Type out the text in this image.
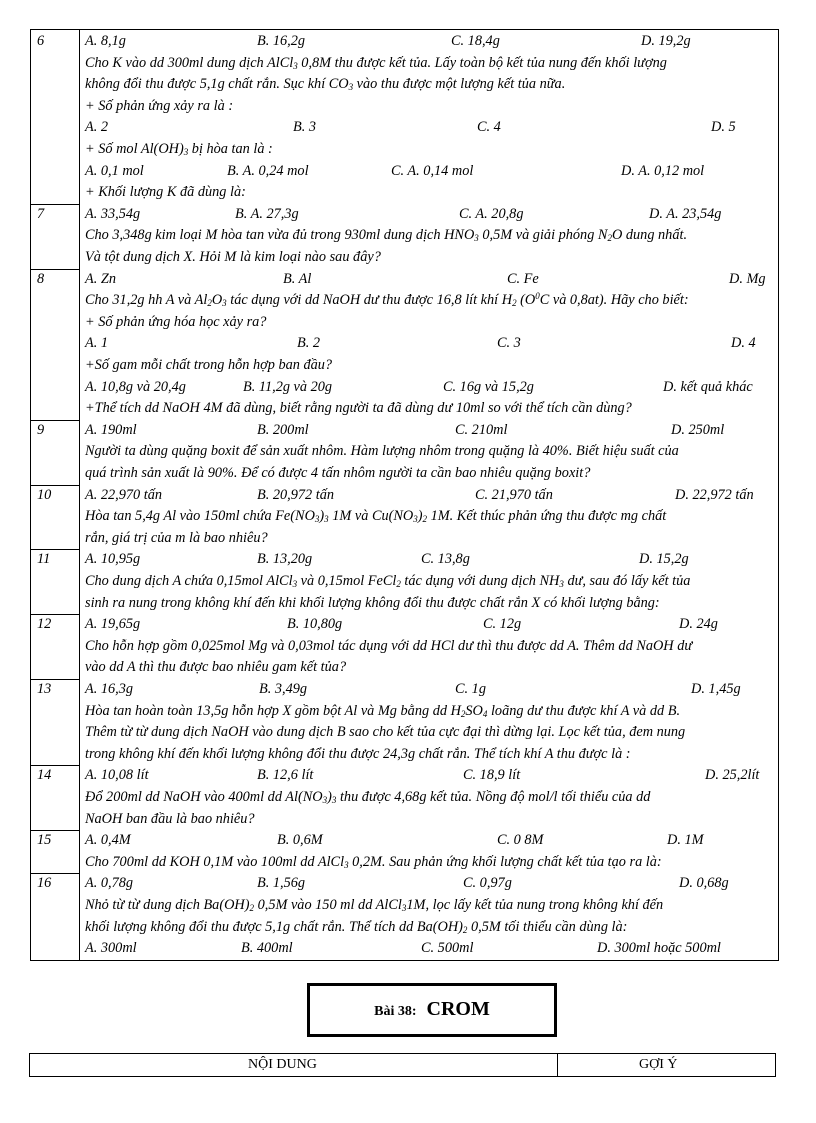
6	A. 8,1g	B. 16,2g	C. 18,4g	D. 19,2g
Cho K vào dd 300ml dung dịch AlCl$_3$ 0,8M thu được kết tủa. Lấy toàn bộ kết tủa nung đến khối lượng
không đổi thu được 5,1g chất rắn. Sục khí $CO_3$ vào thu được một lượng kết tủa nữa.
+ Số phản ứng xảy ra là :
A. 2	B. 3	C. 4	D. 5
+ Số mol $Al(OH)_3$ bị hòa tan là :
A. 0,1 mol	B. A. 0,24 mol	C. A. 0,14 mol	D. A. 0,12 mol
+ Khối lượng K đã dùng là:
7	A. 33,54g	B. A. 27,3g	C. A. 20,8g	D. A. 23,54g
Cho 3,348g kim loại M hòa tan vừa đủ trong 930ml dung dịch $HNO_3$ 0,5M và giải phóng $N_2O$ dung nhất.
Và tột dung dịch X. Hỏi M là kim loại nào sau đây?
8	A. Zn	B. Al	C. Fe	D. Mg
Cho 31,2g hh A và $Al_2O_3$ tác dụng với dd NaOH dư thu được 16,8 lít khí $H_2$ ($O^0C$ và 0,8at). Hãy cho biết:
+ Số phản ứng hóa học xảy ra?
A. 1	B. 2	C. 3	D. 4
+Số gam mỗi chất trong hỗn hợp ban đầu?
A. 10,8g và 20,4g	B. 11,2g và 20g	C. 16g và 15,2g	D. kết quả khác
+Thể tích dd NaOH 4M đã dùng, biết rằng người ta đã dùng dư 10ml so với thể tích cần dùng?
9	A. 190ml	B. 200ml	C. 210ml	D. 250ml
Người ta dùng quặng boxit để sản xuất nhôm. Hàm lượng nhôm trong quặng là 40%. Biết hiệu suất của
quá trình sản xuất là 90%. Để có được 4 tấn nhôm người ta cần bao nhiêu quặng boxit?
10 A. 22,970 tấn	B. 20,972 tấn	C. 21,970 tấn	D. 22,972 tấn
Hòa tan 5,4g Al vào 150ml chứa $Fe(NO_3)_3$ 1M và $Cu(NO_3)_2$ 1M. Kết thúc phản ứng thu được mg chất
rắn, giá trị của m là bao nhiêu?
11 A. 10,95g	B. 13,20g	C. 13,8g	D. 15,2g
Cho dung dịch A chứa 0,15mol AlCl$_3$ và 0,15mol FeCl$_2$ tác dụng với dung dịch $NH_3$ dư, sau đó lấy kết tủa
sinh ra nung trong không khí đến khi khối lượng không đổi thu được chất rắn X có khối lượng bằng:
12 A. 19,65g	B. 10,80g	C. 12g	D. 24g
Cho hỗn hợp gồm 0,025mol Mg và 0,03mol tác dụng với dd HCl dư thì thu được dd A. Thêm dd NaOH dư
vào dd A thì thu được bao nhiêu gam kết tủa?
13 A. 16,3g	B. 3,49g	C. 1g	D. 1,45g
Hòa tan hoàn toàn 13,5g hỗn hợp X gồm bột Al và Mg bằng dd $H_2SO_4$ loãng dư thu được khí A và dd B.
Thêm từ từ dung dịch NaOH vào dung dịch B sao cho kết tủa cực đại thì dừng lại. Lọc kết tủa, đem nung
trong không khí đến khối lượng không đổi thu được 24,3g chất rắn. Thể tích khí A thu được là :
14 A. 10,08 lít	B. 12,6 lít	C. 18,9 lít	D. 25,2lít
Đổ 200ml dd NaOH vào 400ml dd $Al(NO_3)_3$ thu được 4,68g kết tủa. Nồng độ mol/l tối thiểu của dd
NaOH ban đầu là bao nhiêu?
15 A. 0,4M	B. 0,6M	C. 0 8M	D. 1M
Cho 700ml dd KOH 0,1M vào 100ml dd AlCl$_3$ 0,2M. Sau phản ứng khối lượng chất kết tủa tạo ra là:
16 A. 0,78g	B. 1,56g	C. 0,97g	D. 0,68g
Nhỏ từ từ dung dịch $Ba(OH)_2$ 0,5M vào 150 ml dd AlCl$_3$1M, lọc lấy kết tủa nung trong không khí đến
khối lượng không đổi thu được 5,1g chất rắn. Thể tích dd $Ba(OH)_2$ 0,5M tối thiểu cần dùng là:
A. 300ml	B. 400ml	C. 500ml	D. 300ml hoặc 500ml
Bài 38: CROM
NỘI DUNG	GỢI Ý
